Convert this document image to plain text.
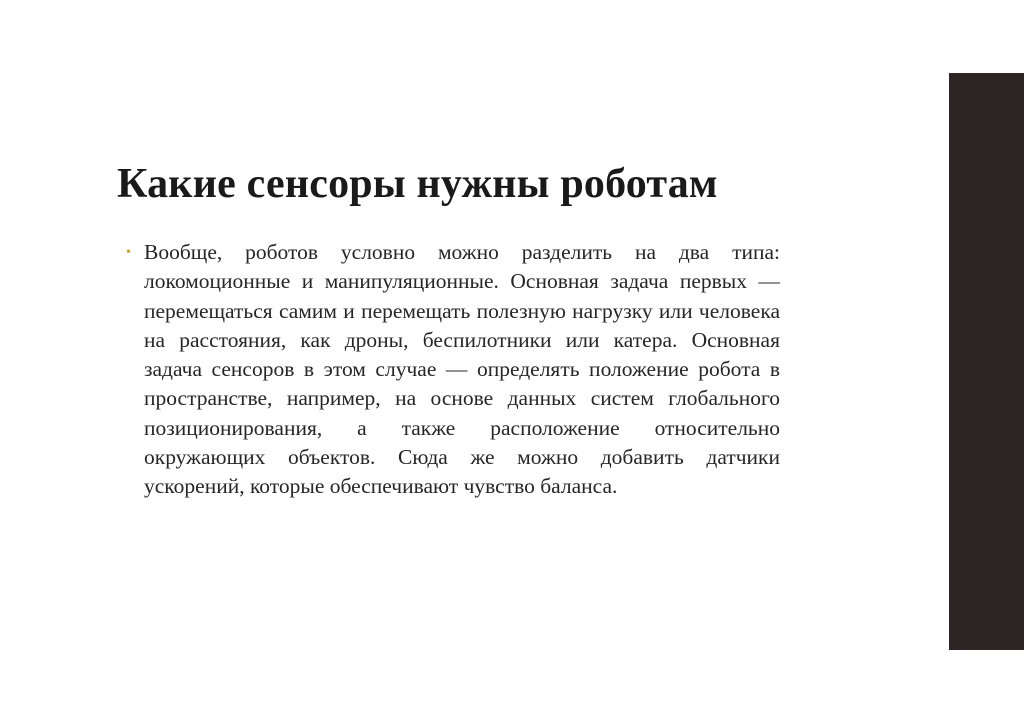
Какие сенсоры нужны роботам
• Вообще, роботов условно можно разделить на два типа: локомоционные и манипуляционные. Основная задача первых — перемещаться самим и перемещать полезную нагрузку или человека на расстояния, как дроны, беспилотники или катера. Основная задача сенсоров в этом случае — определять положение робота в пространстве, например, на основе данных систем глобального позиционирования, а также расположение относительно окружающих объектов. Сюда же можно добавить датчики ускорений, которые обеспечивают чувство баланса.
